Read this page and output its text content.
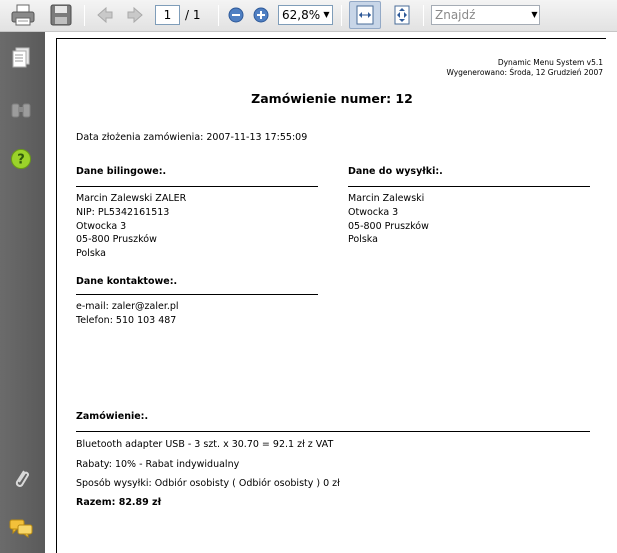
1	/ 1	62,8% ▼	Znajdź	▼
?
Dynamic Menu System v5.1
Wygenerowano: Środa, 12 Grudzień 2007
Zamówienie numer: 12
Data złożenia zamówienia: 2007-11-13 17:55:09
Dane bilingowe:.
Marcin Zalewski ZALER
NIP: PL5342161513
Otwocka 3
05-800 Pruszków
Polska
Dane do wysyłki:.
Marcin Zalewski
Otwocka 3
05-800 Pruszków
Polska
Dane kontaktowe:.
e-mail: zaler@zaler.pl
Telefon: 510 103 487
Zamówienie:.
Bluetooth adapter USB - 3 szt. x 30.70 = 92.1 zł z VAT
Rabaty: 10% - Rabat indywidualny
Sposób wysyłki: Odbiór osobisty ( Odbiór osobisty ) 0 zł
Razem: 82.89 zł
